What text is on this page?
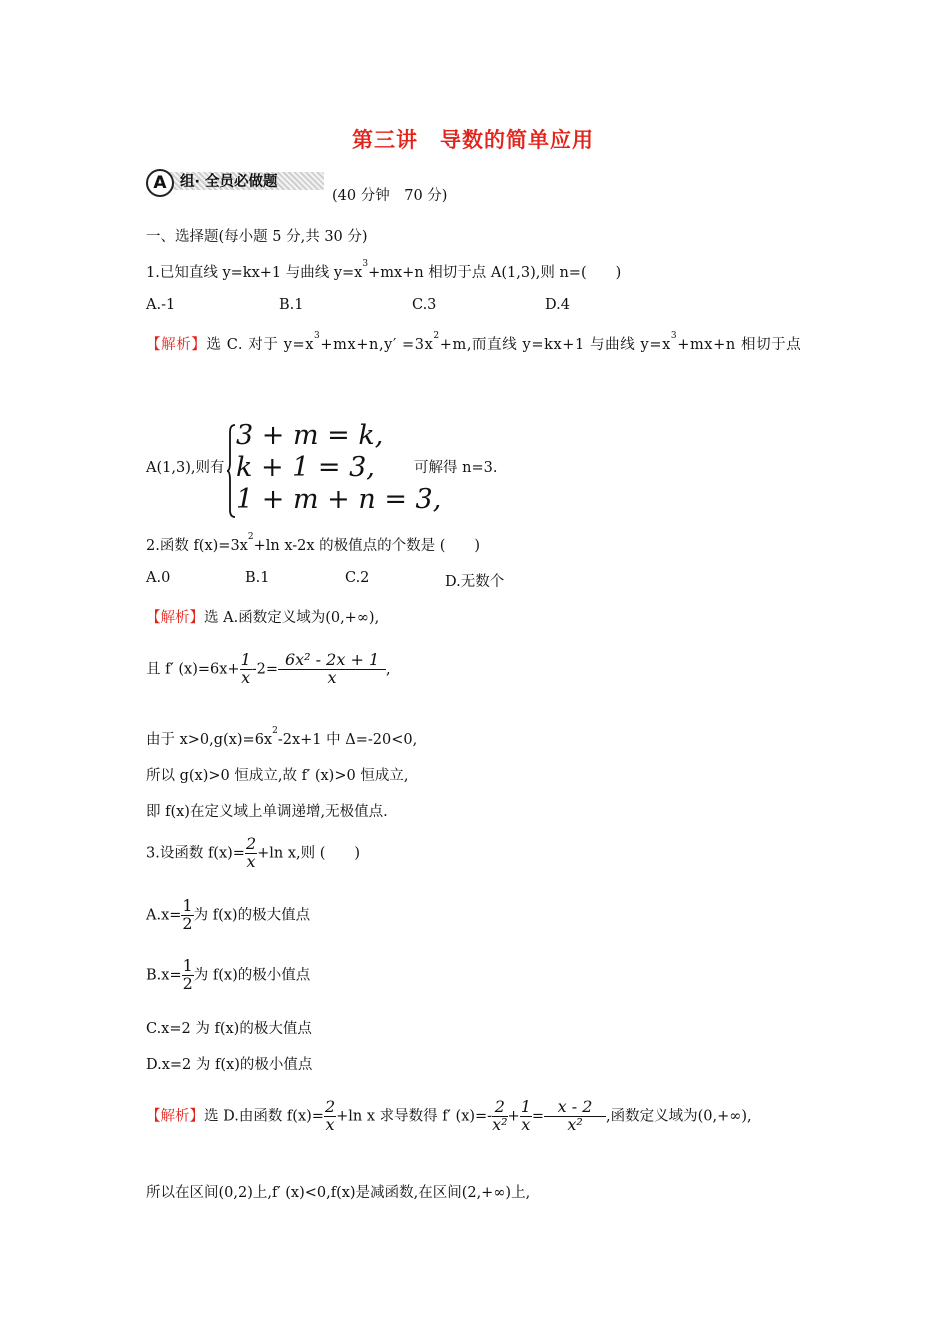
第三讲　导数的简单应用
A 组· 全员必做题
(40 分钟　70 分)
一、选择题(每小题 5 分,共 30 分)
1.已知直线 y=kx+1 与曲线 $y=x^3+mx+n$ 相切于点 A(1,3),则 n=(　　)
A.-1	B.1	C.3	D.4
【解析】选 C. 对于 $y=x^3+mx+n,y' =3x^2+m$,而直线 y=kx+1 与曲线 $y=x^3+mx+n$ 相切于点
A(1,3),则有
3 + m = k,
k + 1 = 3,
1 + m + n = 3,
可解得 n=3.
2.函数 $f(x)=3x^2+\ln$ x-2x 的极值点的个数是 (　　)
A.0	B.1	C.2	D.无数个
【解析】选 A.函数定义域为(0,+∞),
且 f′ $(x)=6x+ \frac{1}{x} -2= \frac{\text{6x² - 2x + 1}}{x}$ ,
由于 $x>0,g(x)=6x^2-2x+1$ 中 Δ=-20<0,
所以 g(x)>0 恒成立,故 f′ (x)>0 恒成立,
即 f(x)在定义域上单调递增,无极值点.
3.设函数 $f(x)= \frac{2}{x} +\ln$ x,则 (　　)
$A.x= \frac{1}{2}$ 为 f(x)的极大值点
$B.x= \frac{1}{2}$ 为 f(x)的极小值点
C.x=2 为 f(x)的极大值点
D.x=2 为 f(x)的极小值点
【解析】选 D.由函数 $f(x)= \frac{2}{x} +\ln$ x 求导数得 f′ $(x)=- \frac{2}{\text{x²}} + \frac{1}{x} = \frac{x - 2}{\text{x²}}$ ,函数定义域为(0,+∞),
所以在区间(0,2)上,f′ (x)<0,f(x)是减函数,在区间(2,+∞)上,
